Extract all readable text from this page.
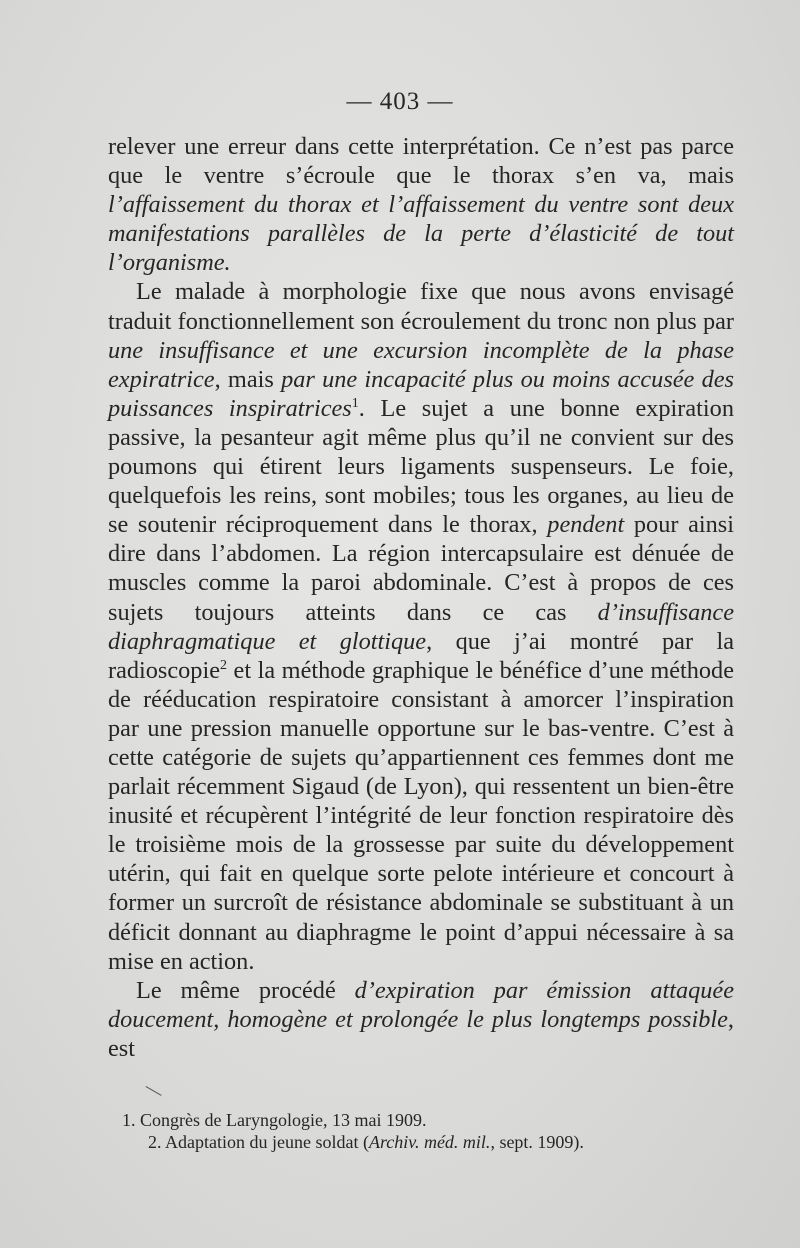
— 403 —

relever une erreur dans cette interprétation. Ce n’est pas parce que le ventre s’écroule que le thorax s’en va, mais l’affaissement du thorax et l’affaissement du ventre sont deux manifestations parallèles de la perte d’élasticité de tout l’organisme.

Le malade à morphologie fixe que nous avons envisagé traduit fonctionnellement son écroulement du tronc non plus par une insuffisance et une excursion incomplète de la phase expiratrice, mais par une incapacité plus ou moins accusée des puissances inspiratrices$^1$. Le sujet a une bonne expiration passive, la pesanteur agit même plus qu’il ne convient sur des poumons qui étirent leurs ligaments suspenseurs. Le foie, quelquefois les reins, sont mobiles; tous les organes, au lieu de se soutenir réciproquement dans le thorax, pendent pour ainsi dire dans l’abdomen. La région intercapsulaire est dénuée de muscles comme la paroi abdominale. C’est à propos de ces sujets toujours atteints dans ce cas d’insuffisance diaphragmatique et glottique, que j’ai montré par la radioscopie$^2$ et la méthode graphique le bénéfice d’une méthode de rééducation respiratoire consistant à amorcer l’inspiration par une pression manuelle opportune sur le bas-ventre. C’est à cette catégorie de sujets qu’appartiennent ces femmes dont me parlait récemment Sigaud (de Lyon), qui ressentent un bien-être inusité et récupèrent l’intégrité de leur fonction respiratoire dès le troisième mois de la grossesse par suite du développement utérin, qui fait en quelque sorte pelote intérieure et concourt à former un surcroît de résistance abdominale se substituant à un déficit donnant au diaphragme le point d’appui nécessaire à sa mise en action.

Le même procédé d’expiration par émission attaquée doucement, homogène et prolongée le plus longtemps possible, est

1. Congrès de Laryngologie, 13 mai 1909.
2. Adaptation du jeune soldat (Archiv. méd. mil., sept. 1909).
